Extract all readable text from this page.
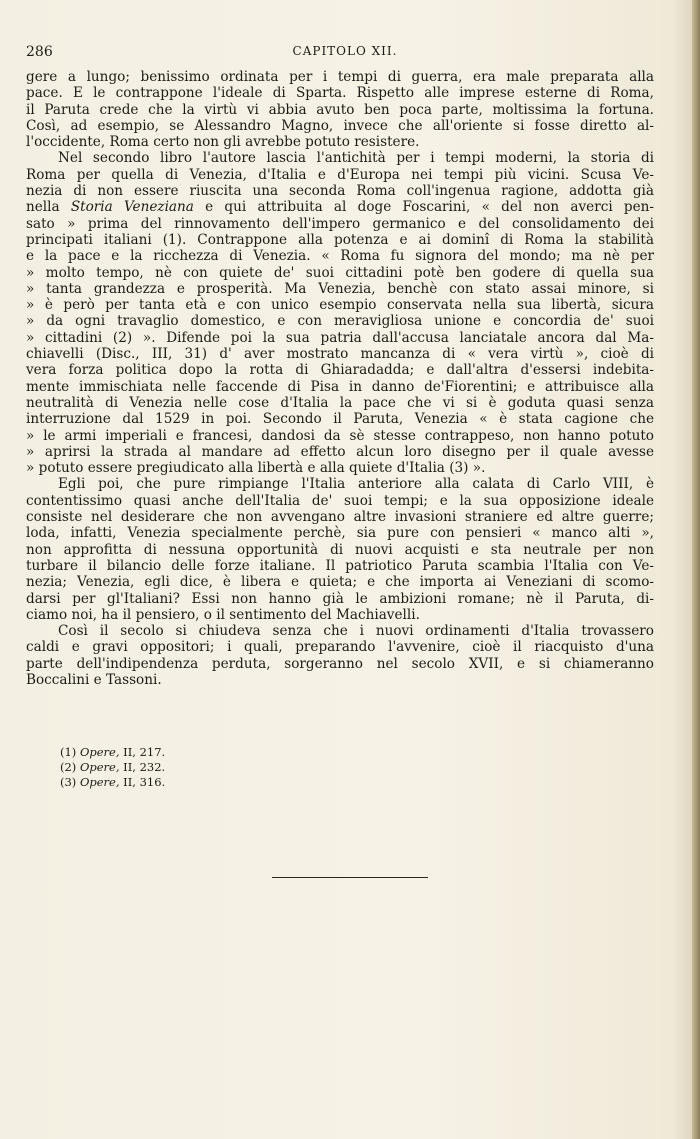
286	CAPITOLO XII.
gere a lungo; benissimo ordinata per i tempi di guerra, era male preparata alla
pace. E le contrappone l'ideale di Sparta. Rispetto alle imprese esterne di Roma,
il Paruta crede che la virtù vi abbia avuto ben poca parte, moltissima la fortuna.
Così, ad esempio, se Alessandro Magno, invece che all'oriente si fosse diretto al-
l'occidente, Roma certo non gli avrebbe potuto resistere.
Nel secondo libro l'autore lascia l'antichità per i tempi moderni, la storia di
Roma per quella di Venezia, d'Italia e d'Europa nei tempi più vicini. Scusa Ve-
nezia di non essere riuscita una seconda Roma coll'ingenua ragione, addotta già
nella Storia Veneziana e qui attribuita al doge Foscarini, « del non averci pen-
sato » prima del rinnovamento dell'impero germanico e del consolidamento dei
principati italiani (1). Contrappone alla potenza e ai dominî di Roma la stabilità
e la pace e la ricchezza di Venezia. « Roma fu signora del mondo; ma nè per
» molto tempo, nè con quiete de' suoi cittadini potè ben godere di quella sua
» tanta grandezza e prosperità. Ma Venezia, benchè con stato assai minore, si
» è però per tanta età e con unico esempio conservata nella sua libertà, sicura
» da ogni travaglio domestico, e con meravigliosa unione e concordia de' suoi
» cittadini (2) ». Difende poi la sua patria dall'accusa lanciatale ancora dal Ma-
chiavelli (Disc., III, 31) d' aver mostrato mancanza di « vera virtù », cioè di
vera forza politica dopo la rotta di Ghiaradadda; e dall'altra d'essersi indebita-
mente immischiata nelle faccende di Pisa in danno de'Fiorentini; e attribuisce alla
neutralità di Venezia nelle cose d'Italia la pace che vi si è goduta quasi senza
interruzione dal 1529 in poi. Secondo il Paruta, Venezia « è stata cagione che
» le armi imperiali e francesi, dandosi da sè stesse contrappeso, non hanno potuto
» aprirsi la strada al mandare ad effetto alcun loro disegno per il quale avesse
» potuto essere pregiudicato alla libertà e alla quiete d'Italia (3) ».
Egli poi, che pure rimpiange l'Italia anteriore alla calata di Carlo VIII, è
contentissimo quasi anche dell'Italia de' suoi tempi; e la sua opposizione ideale
consiste nel desiderare che non avvengano altre invasioni straniere ed altre guerre;
loda, infatti, Venezia specialmente perchè, sia pure con pensieri « manco alti »,
non approfitta di nessuna opportunità di nuovi acquisti e sta neutrale per non
turbare il bilancio delle forze italiane. Il patriotico Paruta scambia l'Italia con Ve-
nezia; Venezia, egli dice, è libera e quieta; e che importa ai Veneziani di scomo-
darsi per gl'Italiani? Essi non hanno già le ambizioni romane; nè il Paruta, di-
ciamo noi, ha il pensiero, o il sentimento del Machiavelli.
Così il secolo si chiudeva senza che i nuovi ordinamenti d'Italia trovassero
caldi e gravi oppositori; i quali, preparando l'avvenire, cioè il riacquisto d'una
parte dell'indipendenza perduta, sorgeranno nel secolo XVII, e si chiameranno
Boccalini e Tassoni.
(1) Opere, II, 217.
(2) Opere, II, 232.
(3) Opere, II, 316.
